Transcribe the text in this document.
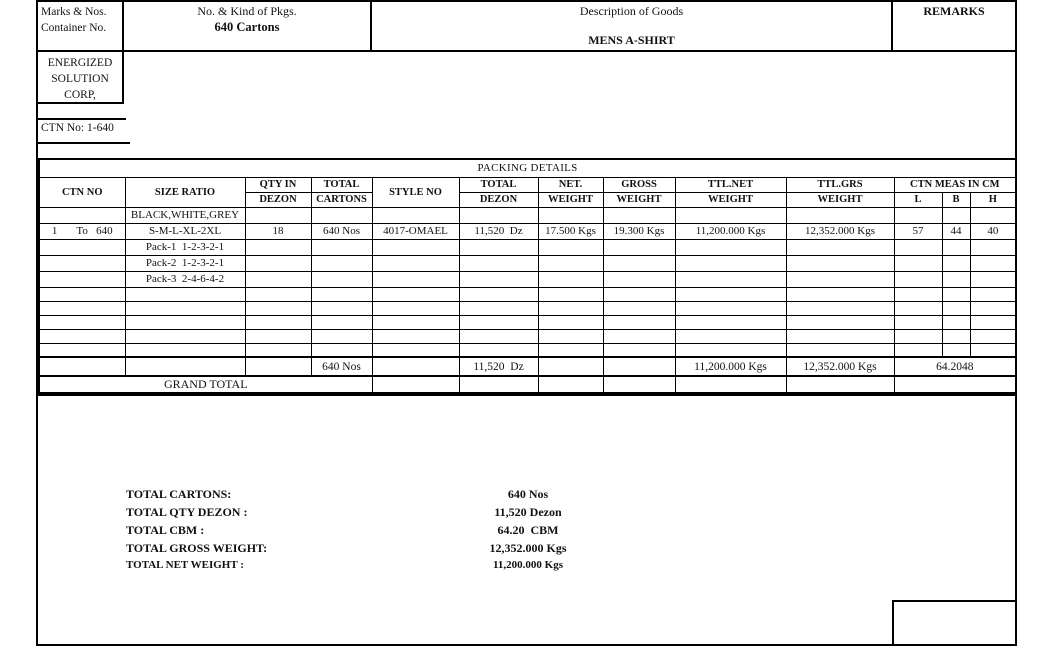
Marks & Nos.
Container No.
No. & Kind of Pkgs.
640 Cartons
Description of Goods
MENS A-SHIRT
REMARKS
ENERGIZED
SOLUTION
CORP,
CTN No: 1-640
PACKING DETAILS												
CTN NO	SIZE RATIO	QTY IN	TOTAL	STYLE NO	TOTAL	NET.	GROSS	TTL.NET	TTL.GRS	CTN MEAS IN CM		
		DEZON	CARTONS		DEZON	WEIGHT	WEIGHT	WEIGHT	WEIGHT	L	B	H
	BLACK,WHITE,GREY											
1       To   640	S-M-L-XL-2XL	18	640 Nos	4017-OMAEL	11,520  Dz	17.500 Kgs	19.300 Kgs	11,200.000 Kgs	12,352.000 Kgs	57	44	40
	Pack-1  1-2-3-2-1											
	Pack-2  1-2-3-2-1											
	Pack-3  2-4-6-4-2											

			640 Nos		11,520  Dz			11,200.000 Kgs	12,352.000 Kgs	64.2048		
GRAND TOTAL												
TOTAL CARTONS:	640 Nos
TOTAL QTY DEZON :	11,520 Dezon
TOTAL CBM :	64.20  CBM
TOTAL GROSS WEIGHT:	12,352.000 Kgs
TOTAL NET WEIGHT :	11,200.000 Kgs
